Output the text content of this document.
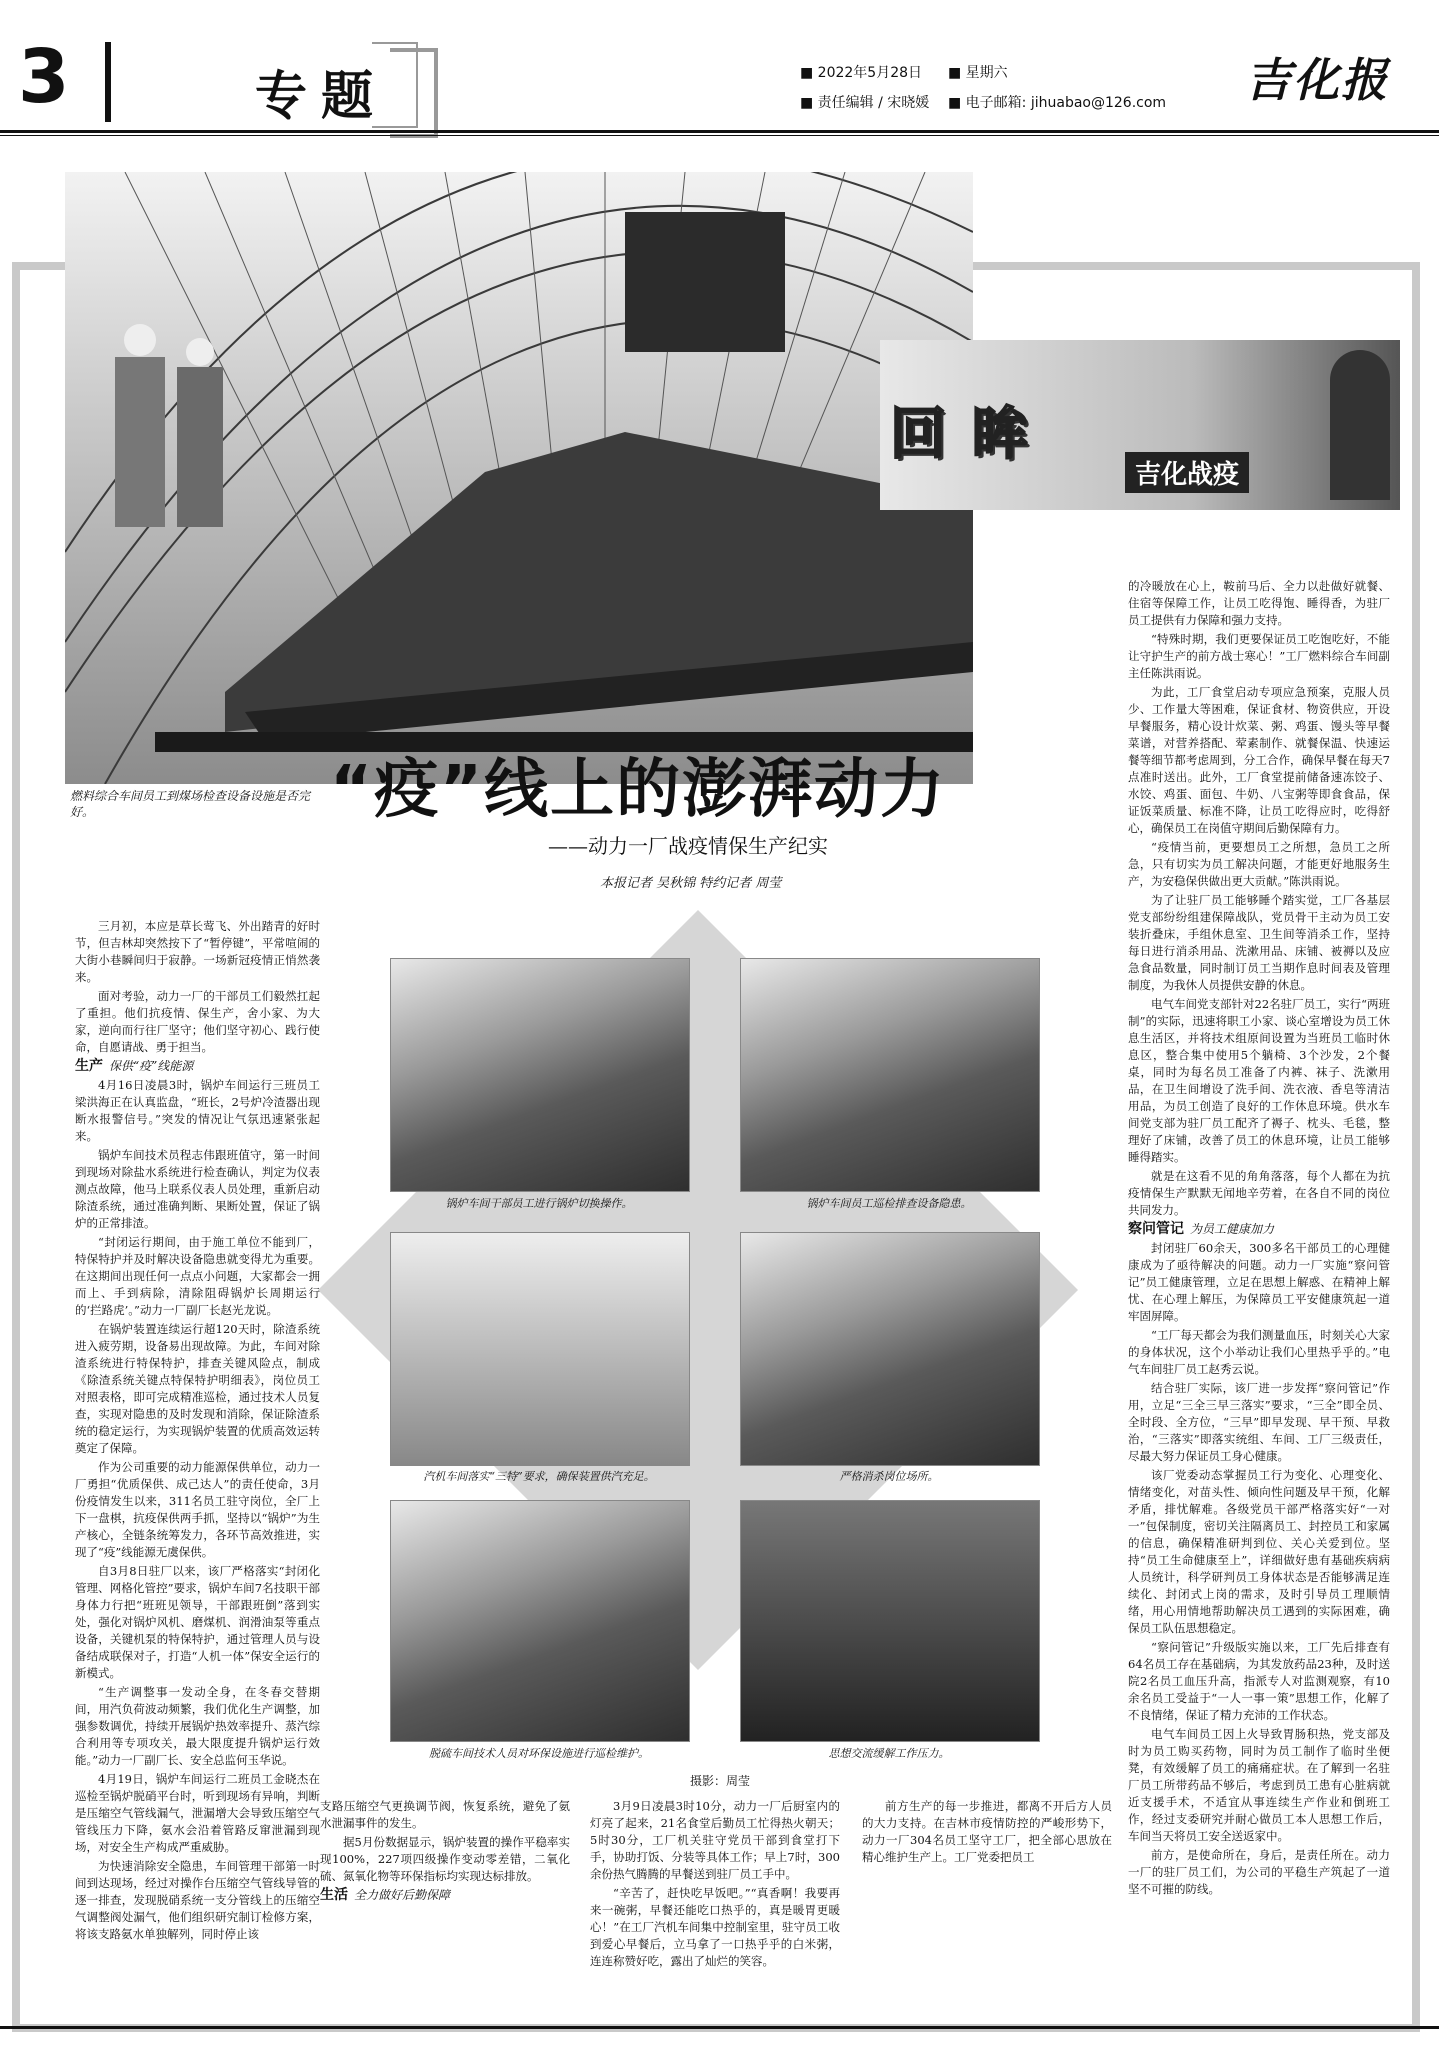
3	专题	■ 2022年5月28日 ■ 星期六
■ 责任编辑 / 宋晓媛 ■ 电子邮箱: jihuabao@126.com 吉化报
燃料综合车间员工到煤场检查设备设施是否完好。
回眸
吉化战疫
“疫”线上的澎湃动力
——动力一厂战疫情保生产纪实
本报记者 吴秋锦 特约记者 周莹

三月初，本应是草长莺飞、外出踏青的好时节，但吉林却突然按下了“暂停键”，平常喧闹的大街小巷瞬间归于寂静。一场新冠疫情正悄然袭来。

面对考验，动力一厂的干部员工们毅然扛起了重担。他们抗疫情、保生产，舍小家、为大家，逆向而行往厂坚守；他们坚守初心、践行使命，自愿请战、勇于担当。

生产 保供“疫”线能源

4月16日凌晨3时，锅炉车间运行三班员工梁洪海正在认真监盘，“班长，2号炉冷渣器出现断水报警信号。”突发的情况让气氛迅速紧张起来。

锅炉车间技术员程志伟跟班值守，第一时间到现场对除盐水系统进行检查确认，判定为仪表测点故障，他马上联系仪表人员处理，重新启动除渣系统，通过准确判断、果断处置，保证了锅炉的正常排渣。

“封闭运行期间，由于施工单位不能到厂，特保特护并及时解决设备隐患就变得尤为重要。在这期间出现任何一点点小问题，大家都会一拥而上、手到病除，清除阻碍锅炉长周期运行的‘拦路虎’。”动力一厂副厂长赵光龙说。

在锅炉装置连续运行超120天时，除渣系统进入疲劳期，设备易出现故障。为此，车间对除渣系统进行特保特护，排查关键风险点，制成《除渣系统关键点特保特护明细表》，岗位员工对照表格，即可完成精准巡检，通过技术人员复查，实现对隐患的及时发现和消除，保证除渣系统的稳定运行，为实现锅炉装置的优质高效运转奠定了保障。

作为公司重要的动力能源保供单位，动力一厂勇担“优质保供、成己达人”的责任使命，3月份疫情发生以来，311名员工驻守岗位，全厂上下一盘棋，抗疫保供两手抓，坚持以“锅炉”为生产核心，全链条统筹发力，各环节高效推进，实现了“疫”线能源无虞保供。

自3月8日驻厂以来，该厂严格落实“封闭化管理、网格化管控”要求，锅炉车间7名技职干部身体力行把“班班见领导，干部跟班倒”落到实处，强化对锅炉风机、磨煤机、润滑油泵等重点设备，关键机泵的特保特护，通过管理人员与设备结成联保对子，打造“人机一体”保安全运行的新模式。

“生产调整事一发动全身，在冬春交替期间，用汽负荷波动频繁，我们优化生产调整，加强参数调优，持续开展锅炉热效率提升、蒸汽综合利用等专项攻关，最大限度提升锅炉运行效能。”动力一厂副厂长、安全总监何玉华说。

4月19日，锅炉车间运行二班员工金晓杰在巡检至锅炉脱硝平台时，听到现场有异响，判断是压缩空气管线漏气，泄漏增大会导致压缩空气管线压力下降，氨水会沿着管路反窜泄漏到现场，对安全生产构成严重威胁。

为快速消除安全隐患，车间管理干部第一时间到达现场，经过对操作台压缩空气管线导管的逐一排查，发现脱硝系统一支分管线上的压缩空气调整阀处漏气，他们组织研究制订检修方案，将该支路氨水单独解列，同时停止该

锅炉车间干部员工进行锅炉切换操作。	锅炉车间员工巡检排查设备隐患。
汽机车间落实“三特”要求，确保装置供汽充足。	严格消杀岗位场所。
脱硫车间技术人员对环保设施进行巡检维护。	思想交流缓解工作压力。
摄影：周莹

支路压缩空气更换调节阀，恢复系统，避免了氨水泄漏事件的发生。

据5月份数据显示，锅炉装置的操作平稳率实现100%，227项四级操作变动零差错，二氧化硫、氮氧化物等环保指标均实现达标排放。

生活 全力做好后勤保障

3月9日凌晨3时10分，动力一厂后厨室内的灯亮了起来，21名食堂后勤员工忙得热火朝天；5时30分，工厂机关驻守党员干部到食堂打下手，协助打饭、分装等具体工作；早上7时，300余份热气腾腾的早餐送到驻厂员工手中。

“辛苦了，赶快吃早饭吧。”“真香啊！我要再来一碗粥，早餐还能吃口热乎的，真是暖胃更暖心！”在工厂汽机车间集中控制室里，驻守员工收到爱心早餐后，立马拿了一口热乎乎的白米粥，连连称赞好吃，露出了灿烂的笑容。

前方生产的每一步推进，都离不开后方人员的大力支持。在吉林市疫情防控的严峻形势下，动力一厂304名员工坚守工厂，把全部心思放在精心维护生产上。工厂党委把员工

的冷暖放在心上，鞍前马后、全力以赴做好就餐、住宿等保障工作，让员工吃得饱、睡得香，为驻厂员工提供有力保障和强力支持。

“特殊时期，我们更要保证员工吃饱吃好，不能让守护生产的前方战士寒心！”工厂燃料综合车间副主任陈洪雨说。

为此，工厂食堂启动专项应急预案，克服人员少、工作量大等困难，保证食材、物资供应，开设早餐服务，精心设计炊菜、粥、鸡蛋、馒头等早餐菜谱，对营养搭配、荤素制作、就餐保温、快速运餐等细节都考虑周到，分工合作，确保早餐在每天7点准时送出。此外，工厂食堂提前储备速冻饺子、水饺、鸡蛋、面包、牛奶、八宝粥等即食食品，保证饭菜质量、标准不降，让员工吃得应时，吃得舒心，确保员工在岗值守期间后勤保障有力。

“疫情当前，更要想员工之所想，急员工之所急，只有切实为员工解决问题，才能更好地服务生产，为安稳保供做出更大贡献。”陈洪雨说。

为了让驻厂员工能够睡个踏实觉，工厂各基层党支部纷纷组建保障战队，党员骨干主动为员工安装折叠床，手组休息室、卫生间等消杀工作，坚持每日进行消杀用品、洗漱用品、床铺、被褥以及应急食品数量，同时制订员工当期作息时间表及管理制度，为我休人员提供安静的休息。

电气车间党支部针对22名驻厂员工，实行“两班制”的实际，迅速将职工小家、谈心室增设为员工休息生活区，并将技术组原间设置为当班员工临时休息区，整合集中使用5个躺椅、3个沙发，2个餐桌，同时为每名员工准备了内裤、袜子、洗漱用品，在卫生间增设了洗手间、洗衣液、香皂等清洁用品，为员工创造了良好的工作休息环境。供水车间党支部为驻厂员工配齐了褥子、枕头、毛毯，整理好了床铺，改善了员工的休息环境，让员工能够睡得踏实。

就是在这看不见的角角落落，每个人都在为抗疫情保生产默默无闻地辛劳着，在各自不同的岗位共同发力。

察问管记 为员工健康加力

封闭驻厂60余天，300多名干部员工的心理健康成为了亟待解决的问题。动力一厂实施“察问管记”员工健康管理，立足在思想上解惑、在精神上解忧、在心理上解压，为保障员工平安健康筑起一道牢固屏障。

“工厂每天都会为我们测量血压，时刻关心大家的身体状况，这个小举动让我们心里热乎乎的。”电气车间驻厂员工赵秀云说。

结合驻厂实际，该厂进一步发挥“察问管记”作用，立足“三全三早三落实”要求，“三全”即全员、全时段、全方位，“三早”即早发现、早干预、早救治，“三落实”即落实统组、车间、工厂三级责任，尽最大努力保证员工身心健康。

该厂党委动态掌握员工行为变化、心理变化、情绪变化，对苗头性、倾向性问题及早干预，化解矛盾，排忧解难。各级党员干部严格落实好“一对一”包保制度，密切关注隔离员工、封控员工和家属的信息，确保精准研判到位、关心关爱到位。坚持“员工生命健康至上”，详细做好患有基础疾病病人员统计，科学研判员工身体状态是否能够满足连续化、封闭式上岗的需求，及时引导员工理顺情绪，用心用情地帮助解决员工遇到的实际困难，确保员工队伍思想稳定。

“察问管记”升级版实施以来，工厂先后排查有64名员工存在基础病，为其发放药品23种，及时送院2名员工血压升高，指派专人对监测观察，有10余名员工受益于“一人一事一策”思想工作，化解了不良情绪，保证了精力充沛的工作状态。

电气车间员工因上火导致胃肠积热，党支部及时为员工购买药物，同时为员工制作了临时坐便凳，有效缓解了员工的痛痛症状。在了解到一名驻厂员工所带药品不够后，考虑到员工患有心脏病就近支援手术，不适宜从事连续生产作业和倒班工作，经过支委研究并耐心做员工本人思想工作后，车间当天将员工安全送返家中。

前方，是使命所在，身后，是责任所在。动力一厂的驻厂员工们，为公司的平稳生产筑起了一道坚不可摧的防线。
